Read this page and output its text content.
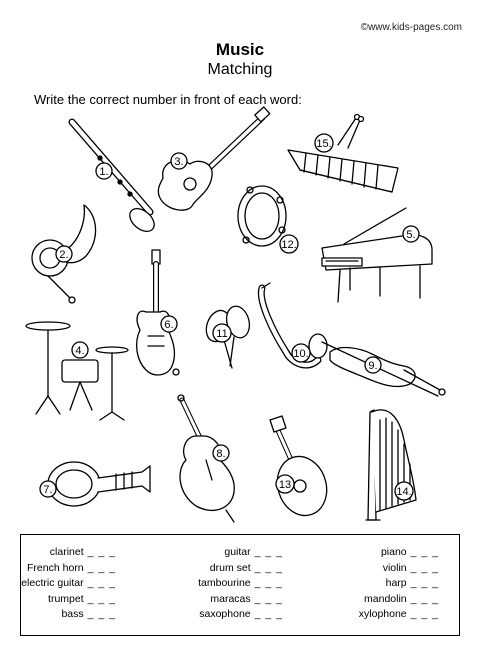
©www.kids-pages.com
Music
Matching
Write the correct number in front of each word:
1.
2.
3.
4.
5.
6.
7.
8.
9.
10.
11
12.
13
14.
15.
clarinet _ _ _
French horn _ _ _
electric guitar _ _ _
trumpet _ _ _
bass _ _ _
guitar _ _ _
drum set _ _ _
tambourine _ _ _
maracas _ _ _
saxophone _ _ _
piano _ _ _
violin _ _ _
harp _ _ _
mandolin _ _ _
xylophone _ _ _
